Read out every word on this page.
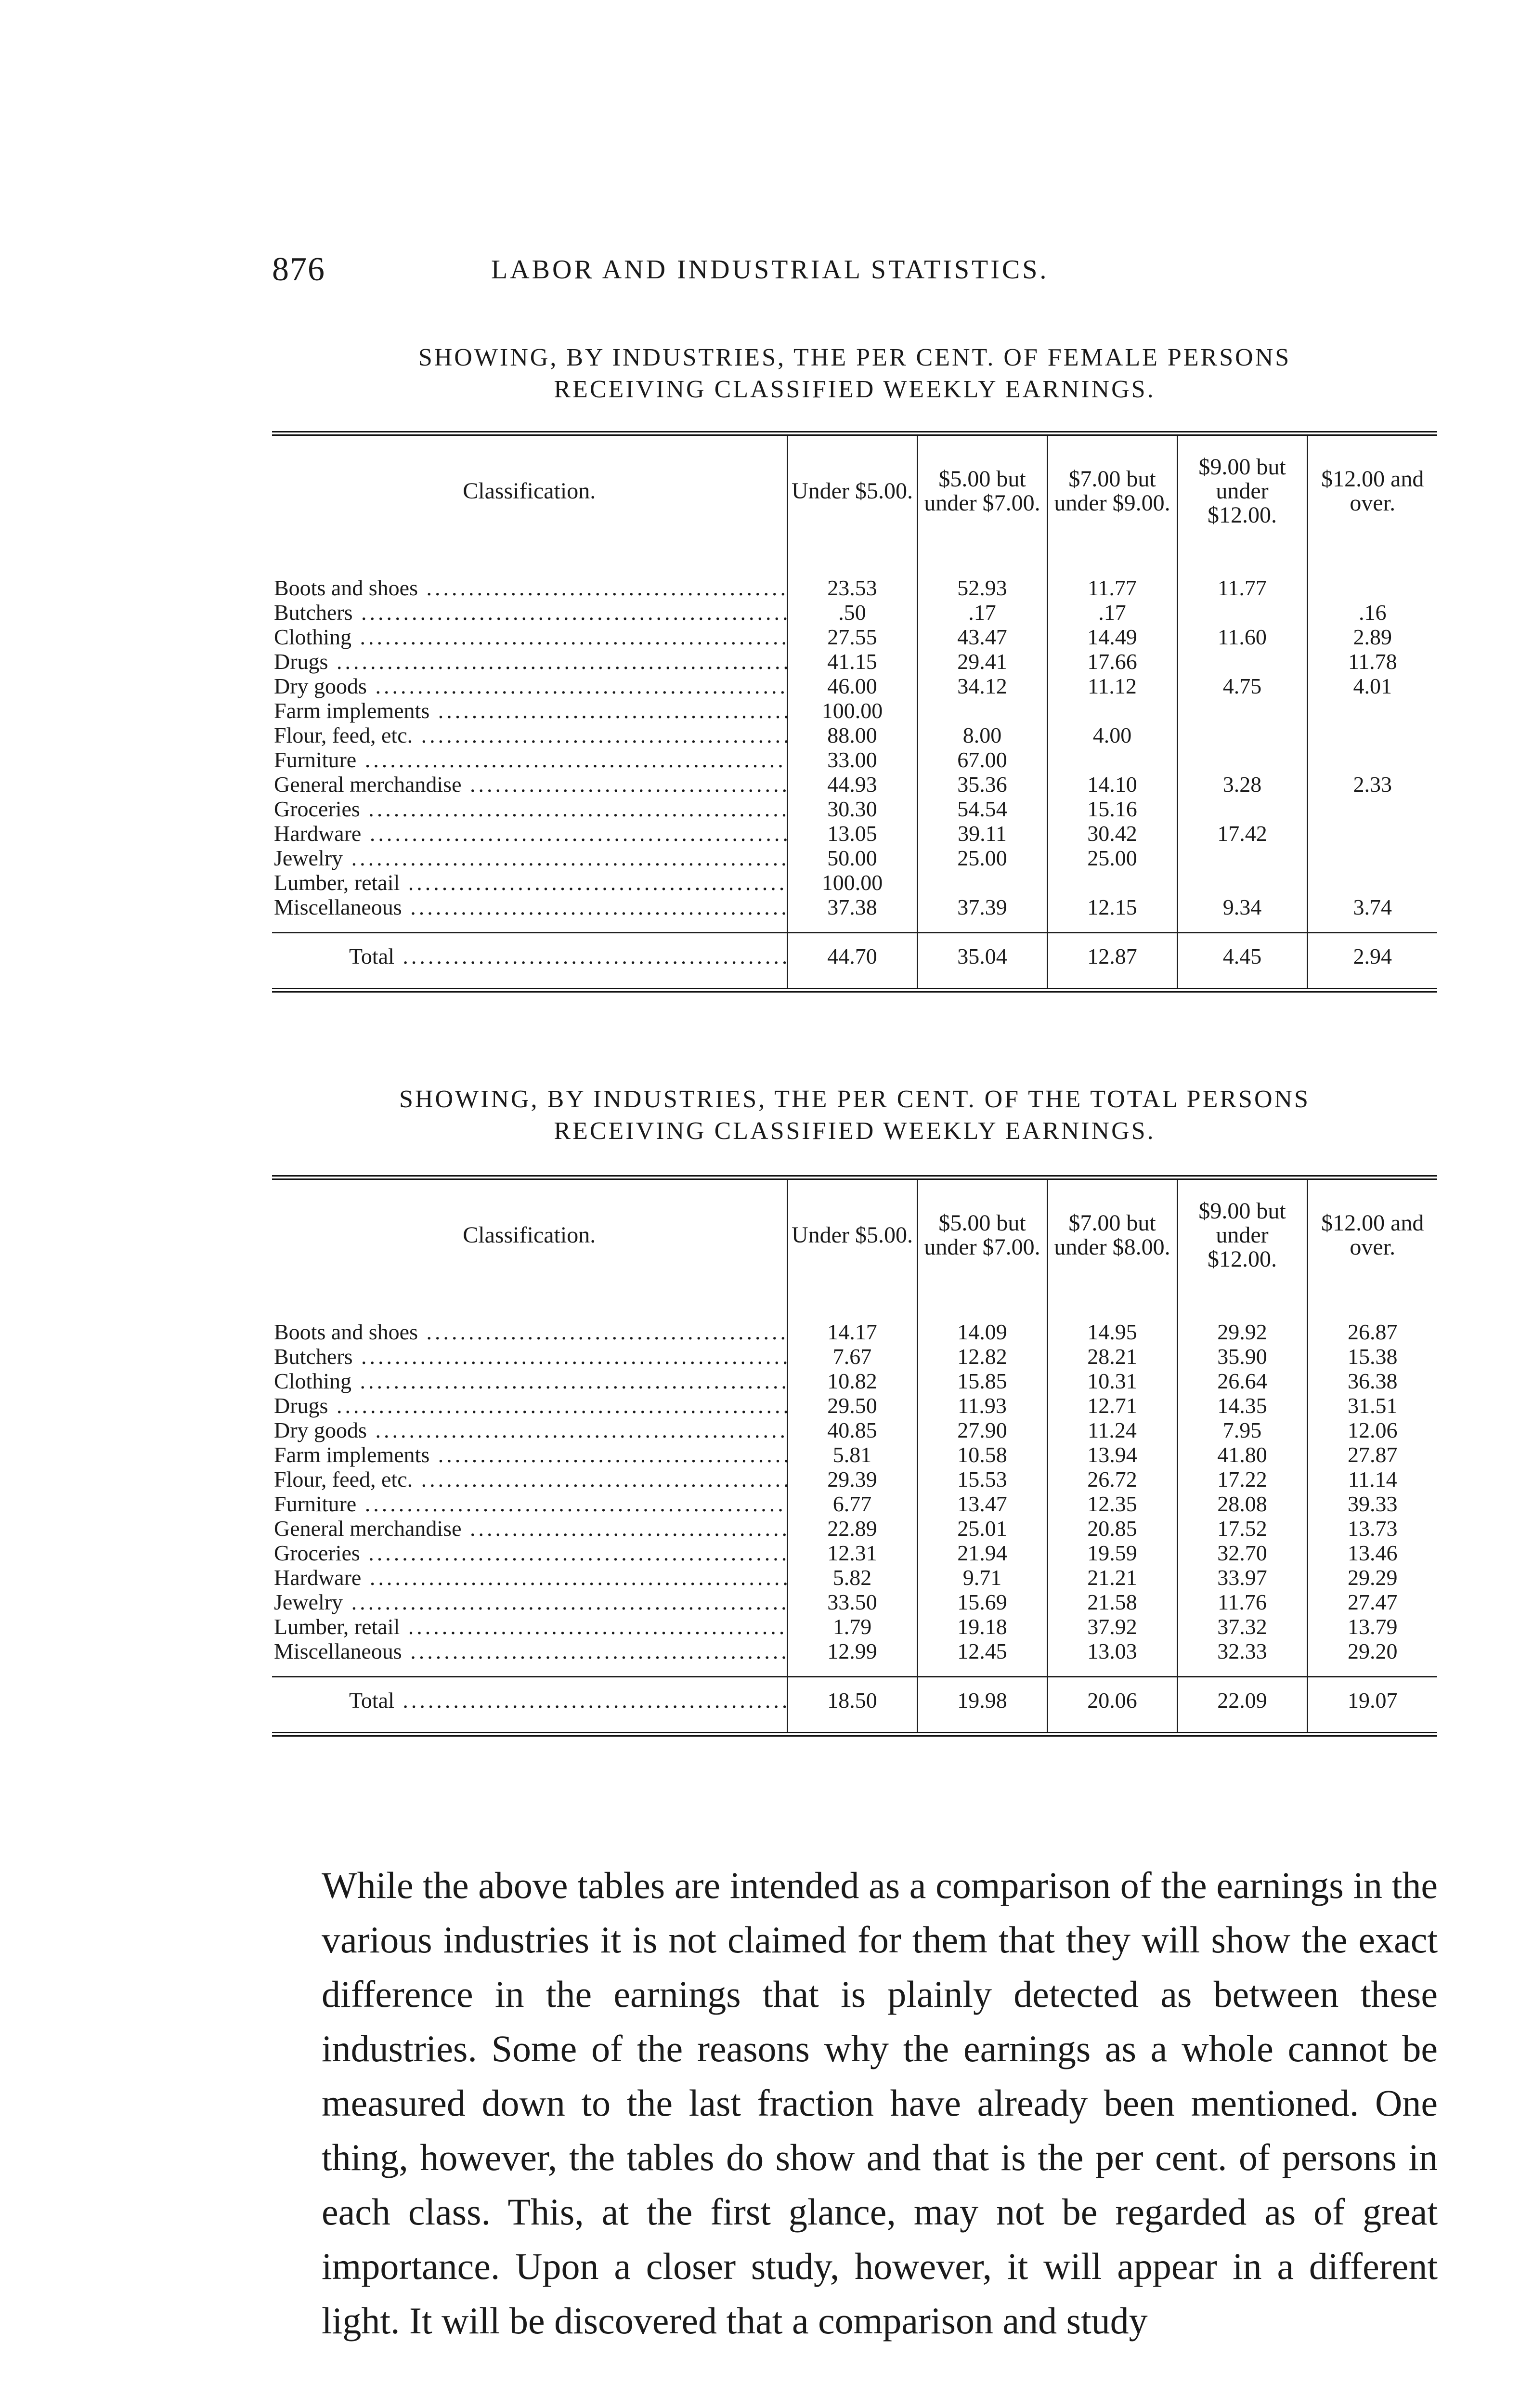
876	LABOR AND INDUSTRIAL STATISTICS.
SHOWING, BY INDUSTRIES, THE PER CENT. OF FEMALE PERSONS
RECEIVING CLASSIFIED WEEKLY EARNINGS.
Classification.	Under $5.00.	$5.00 but under $7.00.	$7.00 but under $9.00.	$9.00 but under $12.00.	$12.00 and over.
Boots and shoes .....	23.53	52.93	11.77	11.77	
Butchers .....	.50	.17	.17		.16
Clothing .....	27.55	43.47	14.49	11.60	2.89
Drugs .....	41.15	29.41	17.66		11.78
Dry goods .....	46.00	34.12	11.12	4.75	4.01
Farm implements .....	100.00				
Flour, feed, etc. .....	88.00	8.00	4.00		
Furniture .....	33.00	67.00			
General merchandise .....	44.93	35.36	14.10	3.28	2.33
Groceries .....	30.30	54.54	15.16		
Hardware .....	13.05	39.11	30.42	17.42	
Jewelry .....	50.00	25.00	25.00		
Lumber, retail .....	100.00				
Miscellaneous .....	37.38	37.39	12.15	9.34	3.74
Total .....	44.70	35.04	12.87	4.45	2.94
SHOWING, BY INDUSTRIES, THE PER CENT. OF THE TOTAL PERSONS
RECEIVING CLASSIFIED WEEKLY EARNINGS.
Classification.	Under $5.00.	$5.00 but under $7.00.	$7.00 but under $8.00.	$9.00 but under $12.00.	$12.00 and over.
Boots and shoes .....	14.17	14.09	14.95	29.92	26.87
Butchers .....	7.67	12.82	28.21	35.90	15.38
Clothing .....	10.82	15.85	10.31	26.64	36.38
Drugs .....	29.50	11.93	12.71	14.35	31.51
Dry goods .....	40.85	27.90	11.24	7.95	12.06
Farm implements .....	5.81	10.58	13.94	41.80	27.87
Flour, feed, etc. .....	29.39	15.53	26.72	17.22	11.14
Furniture .....	6.77	13.47	12.35	28.08	39.33
General merchandise .....	22.89	25.01	20.85	17.52	13.73
Groceries .....	12.31	21.94	19.59	32.70	13.46
Hardware .....	5.82	9.71	21.21	33.97	29.29
Jewelry .....	33.50	15.69	21.58	11.76	27.47
Lumber, retail .....	1.79	19.18	37.92	37.32	13.79
Miscellaneous .....	12.99	12.45	13.03	32.33	29.20
Total .....	18.50	19.98	20.06	22.09	19.07

While the above tables are intended as a comparison of the earnings in the various industries it is not claimed for them that they will show the exact difference in the earnings that is plainly detected as between these industries. Some of the reasons why the earnings as a whole cannot be measured down to the last fraction have already been mentioned. One thing, however, the tables do show and that is the per cent. of persons in each class. This, at the first glance, may not be regarded as of great importance. Upon a closer study, however, it will appear in a different light. It will be discovered that a comparison and study
